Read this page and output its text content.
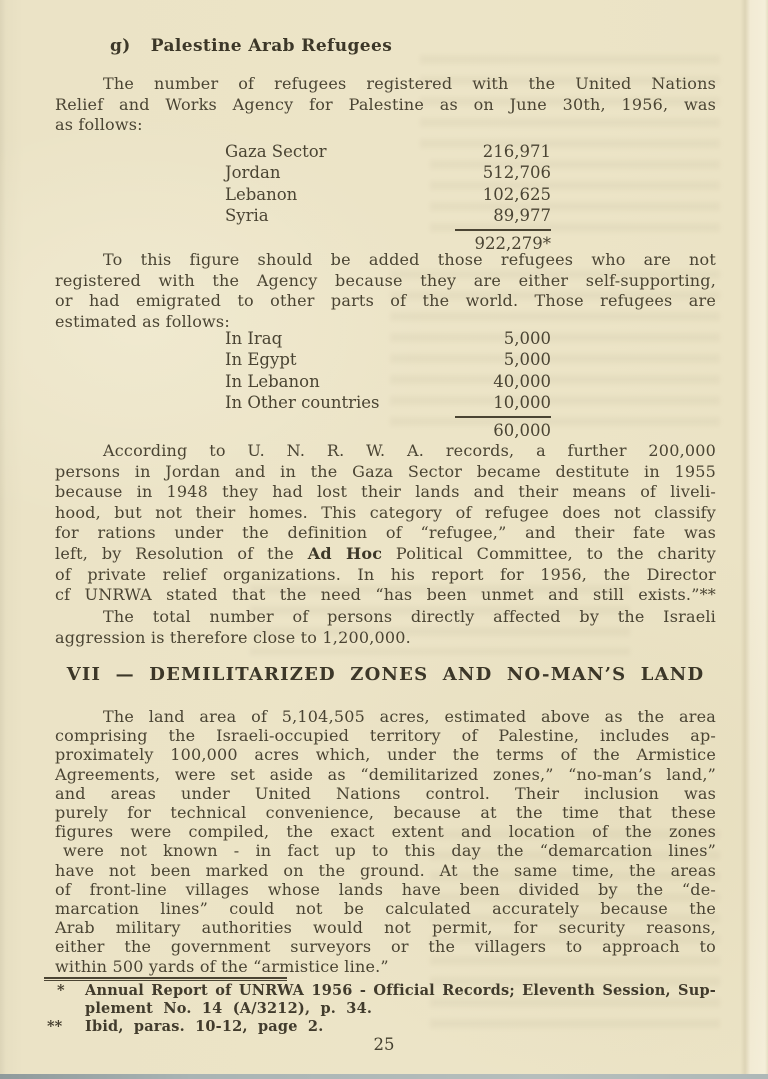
g) Palestine Arab Refugees
The number of refugees registered with the United Nations
Relief and Works Agency for Palestine as on June 30th, 1956, was
as follows:
Gaza Sector	216,971
Jordan	512,706
Lebanon	102,625
Syria	89,977
922,279*
To this figure should be added those refugees who are not
registered with the Agency because they are either self-supporting,
or had emigrated to other parts of the world. Those refugees are
estimated as follows:
In Iraq	5,000
In Egypt	5,000
In Lebanon	40,000
In Other countries	10,000
60,000
According to U. N. R. W. A. records, a further 200,000
persons in Jordan and in the Gaza Sector became destitute in 1955
because in 1948 they had lost their lands and their means of liveli-
hood, but not their homes. This category of refugee does not classify
for rations under the definition of “refugee,” and their fate was
left, by Resolution of the Ad Hoc Political Committee, to the charity
of private relief organizations. In his report for 1956, the Director
cf UNRWA stated that the need “has been unmet and still exists.”**
The total number of persons directly affected by the Israeli
aggression is therefore close to 1,200,000.
VII — DEMILITARIZED ZONES AND NO-MAN’S LAND
The land area of 5,104,505 acres, estimated above as the area
comprising the Israeli-occupied territory of Palestine, includes ap-
proximately 100,000 acres which, under the terms of the Armistice
Agreements, were set aside as “demilitarized zones,” “no-man’s land,”
and areas under United Nations control. Their inclusion was
purely for technical convenience, because at the time that these
figures were compiled, the exact extent and location of the zones
were not known - in fact up to this day the “demarcation lines”
have not been marked on the ground. At the same time, the areas
of front-line villages whose lands have been divided by the “de-
marcation lines” could not be calculated accurately because the
Arab military authorities would not permit, for security reasons,
either the government surveyors or the villagers to approach to
within 500 yards of the “armistice line.”
* Annual Report of UNRWA 1956 - Official Records; Eleventh Session, Sup-
plement No. 14 (A/3212), p. 34.
** Ibid, paras. 10-12, page 2.
25
